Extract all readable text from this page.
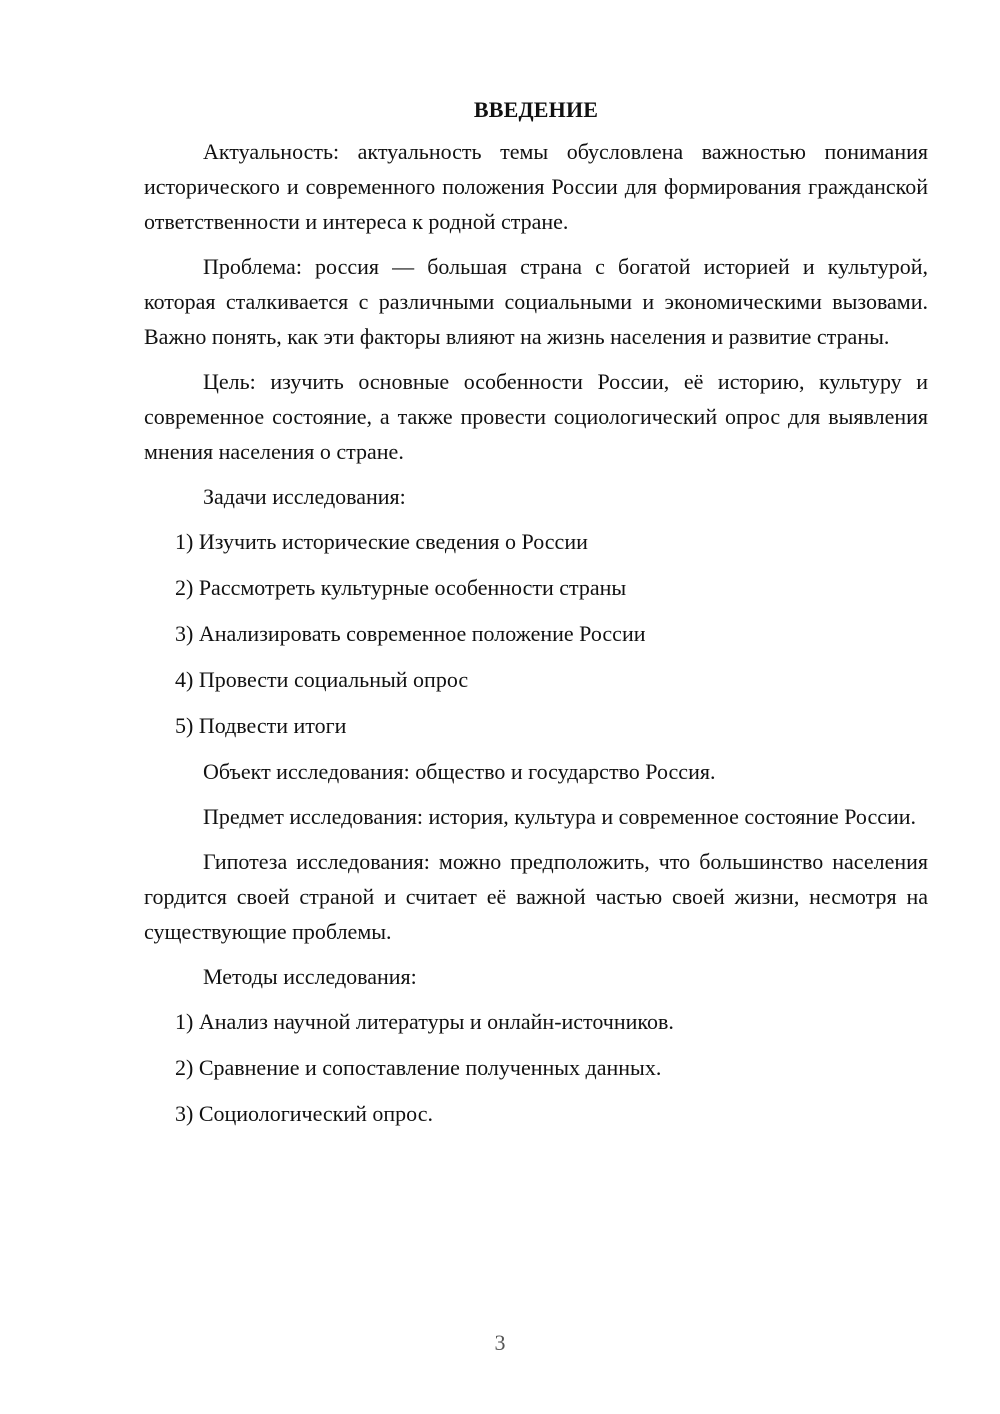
ВВЕДЕНИЕ

Актуальность: актуальность темы обусловлена важностью понимания исторического и современного положения России для формирования гражданской ответственности и интереса к родной стране.

Проблема: россия — большая страна с богатой историей и культурой, которая сталкивается с различными социальными и экономическими вызовами. Важно понять, как эти факторы влияют на жизнь населения и развитие страны.

Цель: изучить основные особенности России, её историю, культуру и современное состояние, а также провести социологический опрос для выявления мнения населения о стране.

Задачи исследования:

1) Изучить исторические сведения о России
2) Рассмотреть культурные особенности страны
3) Анализировать современное положение России
4) Провести социальный опрос
5) Подвести итоги

Объект исследования: общество и государство Россия.

Предмет исследования: история, культура и современное состояние России.

Гипотеза исследования: можно предположить, что большинство населения гордится своей страной и считает её важной частью своей жизни, несмотря на существующие проблемы.

Методы исследования:

1) Анализ научной литературы и онлайн-источников.
2) Сравнение и сопоставление полученных данных.
3) Социологический опрос.
3
